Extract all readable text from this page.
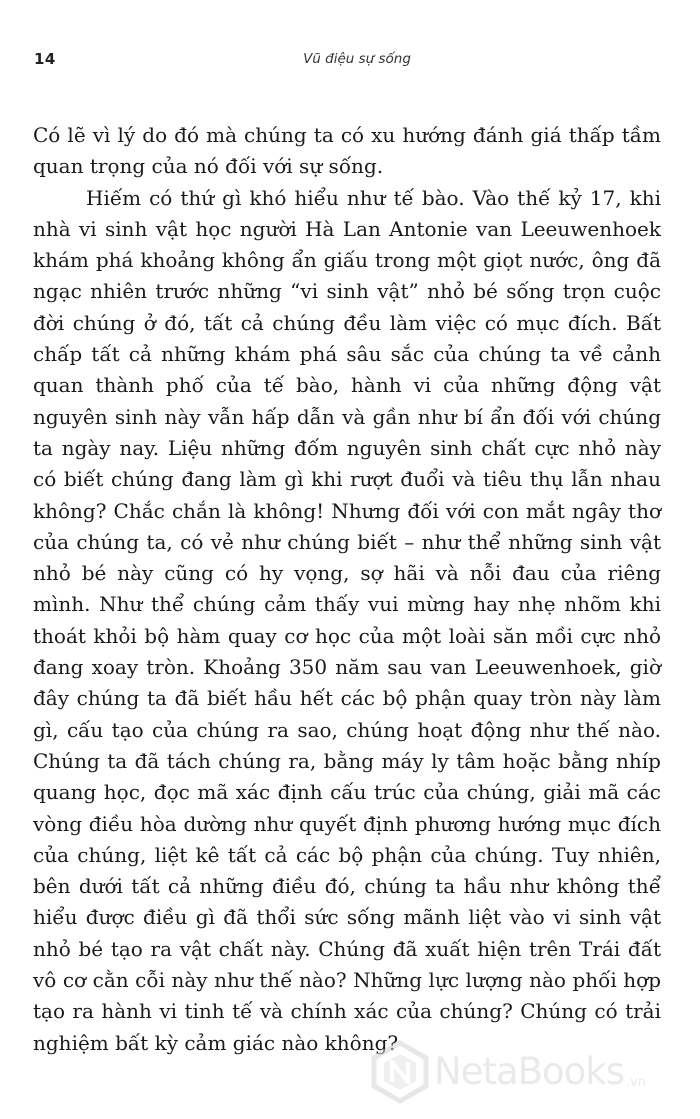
14	Vũ điệu sự sống

Có lẽ vì lý do đó mà chúng ta có xu hướng đánh giá thấp tầm quan trọng của nó đối với sự sống.

Hiếm có thứ gì khó hiểu như tế bào. Vào thế kỷ 17, khi nhà vi sinh vật học người Hà Lan Antonie van Leeuwenhoek khám phá khoảng không ẩn giấu trong một giọt nước, ông đã ngạc nhiên trước những “vi sinh vật” nhỏ bé sống trọn cuộc đời chúng ở đó, tất cả chúng đều làm việc có mục đích. Bất chấp tất cả những khám phá sâu sắc của chúng ta về cảnh quan thành phố của tế bào, hành vi của những động vật nguyên sinh này vẫn hấp dẫn và gần như bí ẩn đối với chúng ta ngày nay. Liệu những đốm nguyên sinh chất cực nhỏ này có biết chúng đang làm gì khi rượt đuổi và tiêu thụ lẫn nhau không? Chắc chắn là không! Nhưng đối với con mắt ngây thơ của chúng ta, có vẻ như chúng biết – như thể những sinh vật nhỏ bé này cũng có hy vọng, sợ hãi và nỗi đau của riêng mình. Như thể chúng cảm thấy vui mừng hay nhẹ nhõm khi thoát khỏi bộ hàm quay cơ học của một loài săn mồi cực nhỏ đang xoay tròn. Khoảng 350 năm sau van Leeuwenhoek, giờ đây chúng ta đã biết hầu hết các bộ phận quay tròn này làm gì, cấu tạo của chúng ra sao, chúng hoạt động như thế nào. Chúng ta đã tách chúng ra, bằng máy ly tâm hoặc bằng nhíp quang học, đọc mã xác định cấu trúc của chúng, giải mã các vòng điều hòa dường như quyết định phương hướng mục đích của chúng, liệt kê tất cả các bộ phận của chúng. Tuy nhiên, bên dưới tất cả những điều đó, chúng ta hầu như không thể hiểu được điều gì đã thổi sức sống mãnh liệt vào vi sinh vật nhỏ bé tạo ra vật chất này. Chúng đã xuất hiện trên Trái đất vô cơ cằn cỗi này như thế nào? Những lực lượng nào phối hợp tạo ra hành vi tinh tế và chính xác của chúng? Chúng có trải nghiệm bất kỳ cảm giác nào không?

NetaBooks .vn
